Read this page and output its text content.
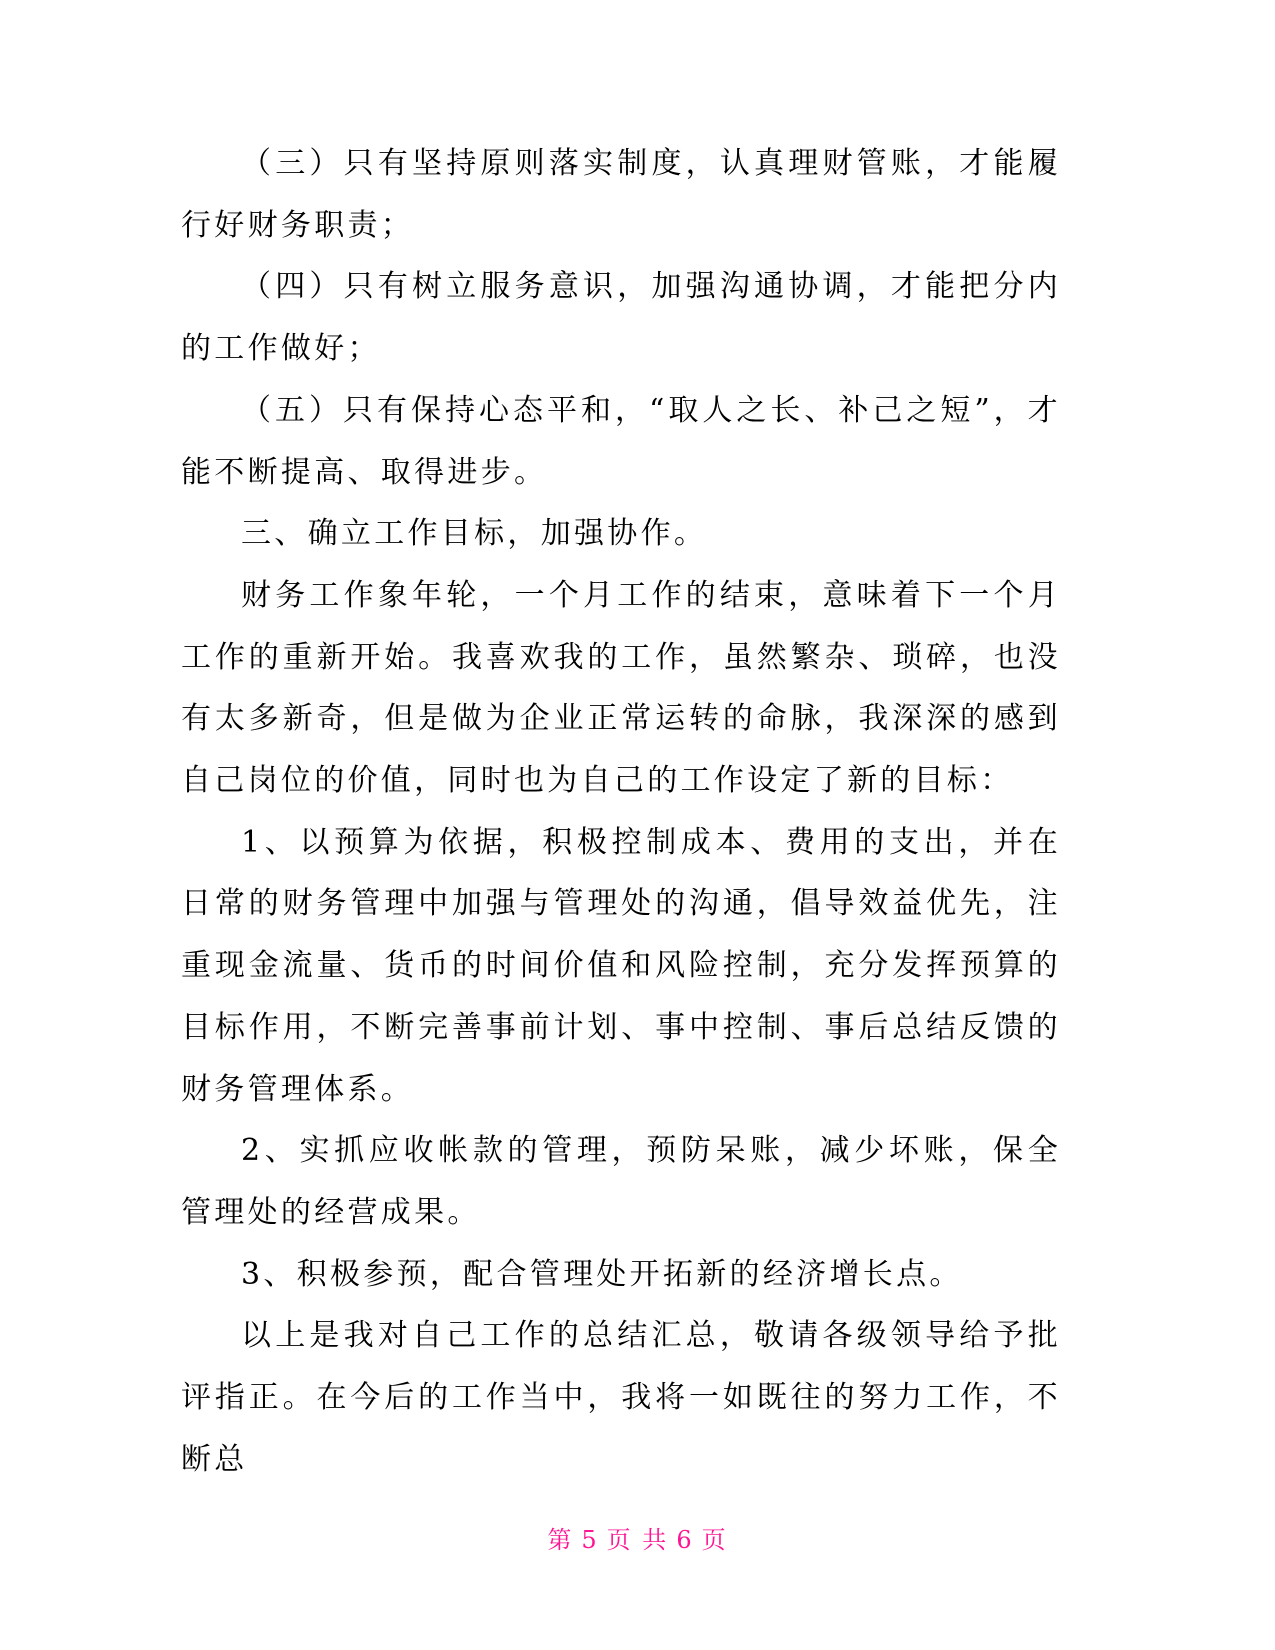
（三）只有坚持原则落实制度，认真理财管账，才能履行好财务职责；

（四）只有树立服务意识，加强沟通协调，才能把分内的工作做好；

（五）只有保持心态平和，“取人之长、补己之短”，才能不断提高、取得进步。

三、确立工作目标，加强协作。

财务工作象年轮，一个月工作的结束，意味着下一个月工作的重新开始。我喜欢我的工作，虽然繁杂、琐碎，也没有太多新奇，但是做为企业正常运转的命脉，我深深的感到自己岗位的价值，同时也为自己的工作设定了新的目标：

1、以预算为依据，积极控制成本、费用的支出，并在日常的财务管理中加强与管理处的沟通，倡导效益优先，注重现金流量、货币的时间价值和风险控制，充分发挥预算的目标作用，不断完善事前计划、事中控制、事后总结反馈的财务管理体系。

2、实抓应收帐款的管理，预防呆账，减少坏账，保全管理处的经营成果。

3、积极参预，配合管理处开拓新的经济增长点。

以上是我对自己工作的总结汇总，敬请各级领导给予批评指正。在今后的工作当中，我将一如既往的努力工作，不断总

第 5 页 共 6 页
